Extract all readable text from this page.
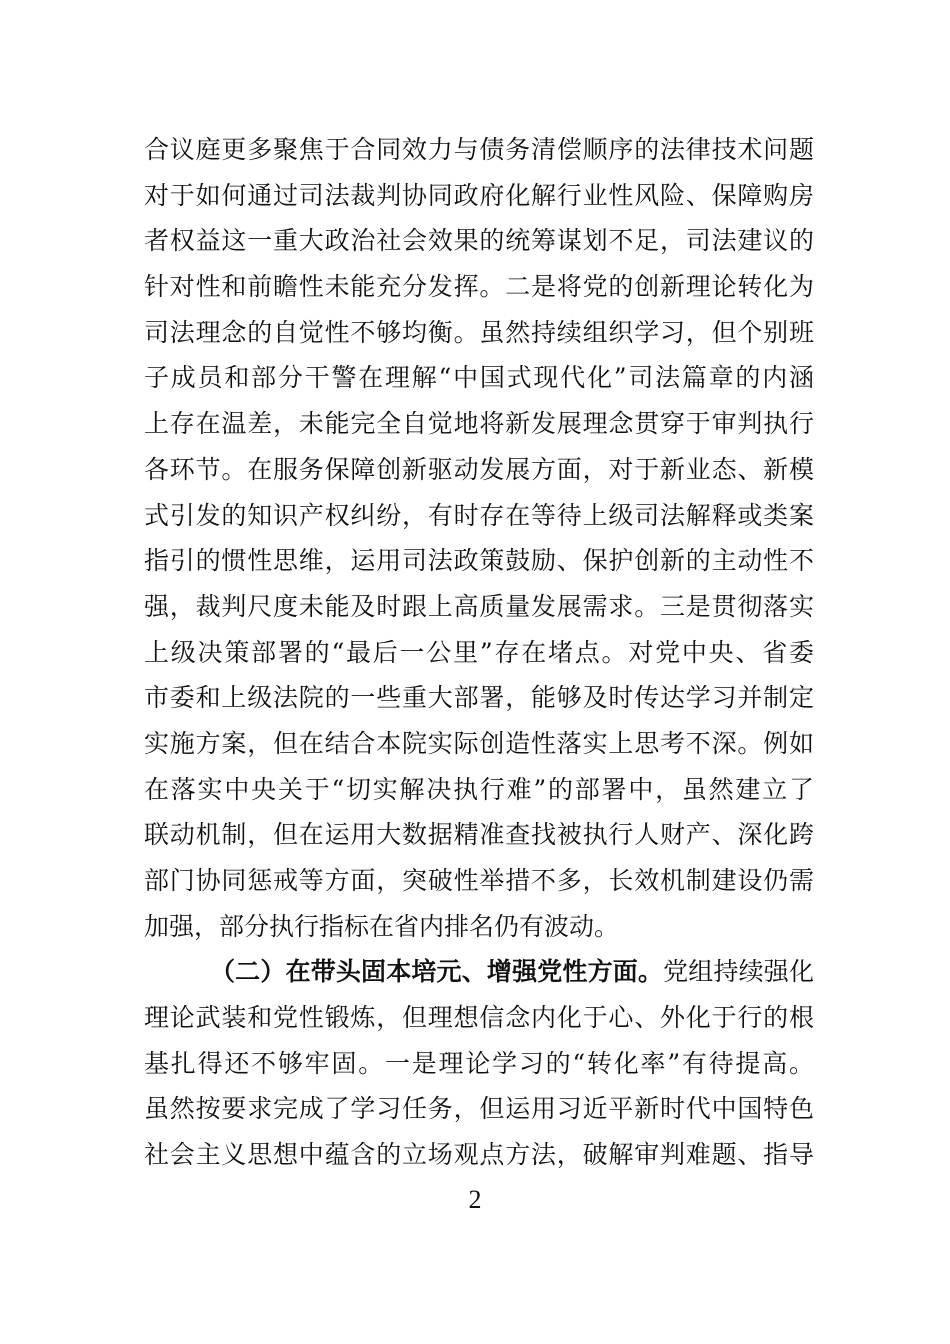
合议庭更多聚焦于合同效力与债务清偿顺序的法律技术问题
对于如何通过司法裁判协同政府化解行业性风险、保障购房
者权益这一重大政治社会效果的统筹谋划不足，司法建议的
针对性和前瞻性未能充分发挥。二是将党的创新理论转化为
司法理念的自觉性不够均衡。虽然持续组织学习，但个别班
子成员和部分干警在理解“中国式现代化”司法篇章的内涵
上存在温差，未能完全自觉地将新发展理念贯穿于审判执行
各环节。在服务保障创新驱动发展方面，对于新业态、新模
式引发的知识产权纠纷，有时存在等待上级司法解释或类案
指引的惯性思维，运用司法政策鼓励、保护创新的主动性不
强，裁判尺度未能及时跟上高质量发展需求。三是贯彻落实
上级决策部署的“最后一公里”存在堵点。对党中央、省委
市委和上级法院的一些重大部署，能够及时传达学习并制定
实施方案，但在结合本院实际创造性落实上思考不深。例如
在落实中央关于“切实解决执行难”的部署中，虽然建立了
联动机制，但在运用大数据精准查找被执行人财产、深化跨
部门协同惩戒等方面，突破性举措不多，长效机制建设仍需
加强，部分执行指标在省内排名仍有波动。
（二）在带头固本培元、增强党性方面。党组持续强化
理论武装和党性锻炼，但理想信念内化于心、外化于行的根
基扎得还不够牢固。一是理论学习的“转化率”有待提高。
虽然按要求完成了学习任务，但运用习近平新时代中国特色
社会主义思想中蕴含的立场观点方法，破解审判难题、指导
2
